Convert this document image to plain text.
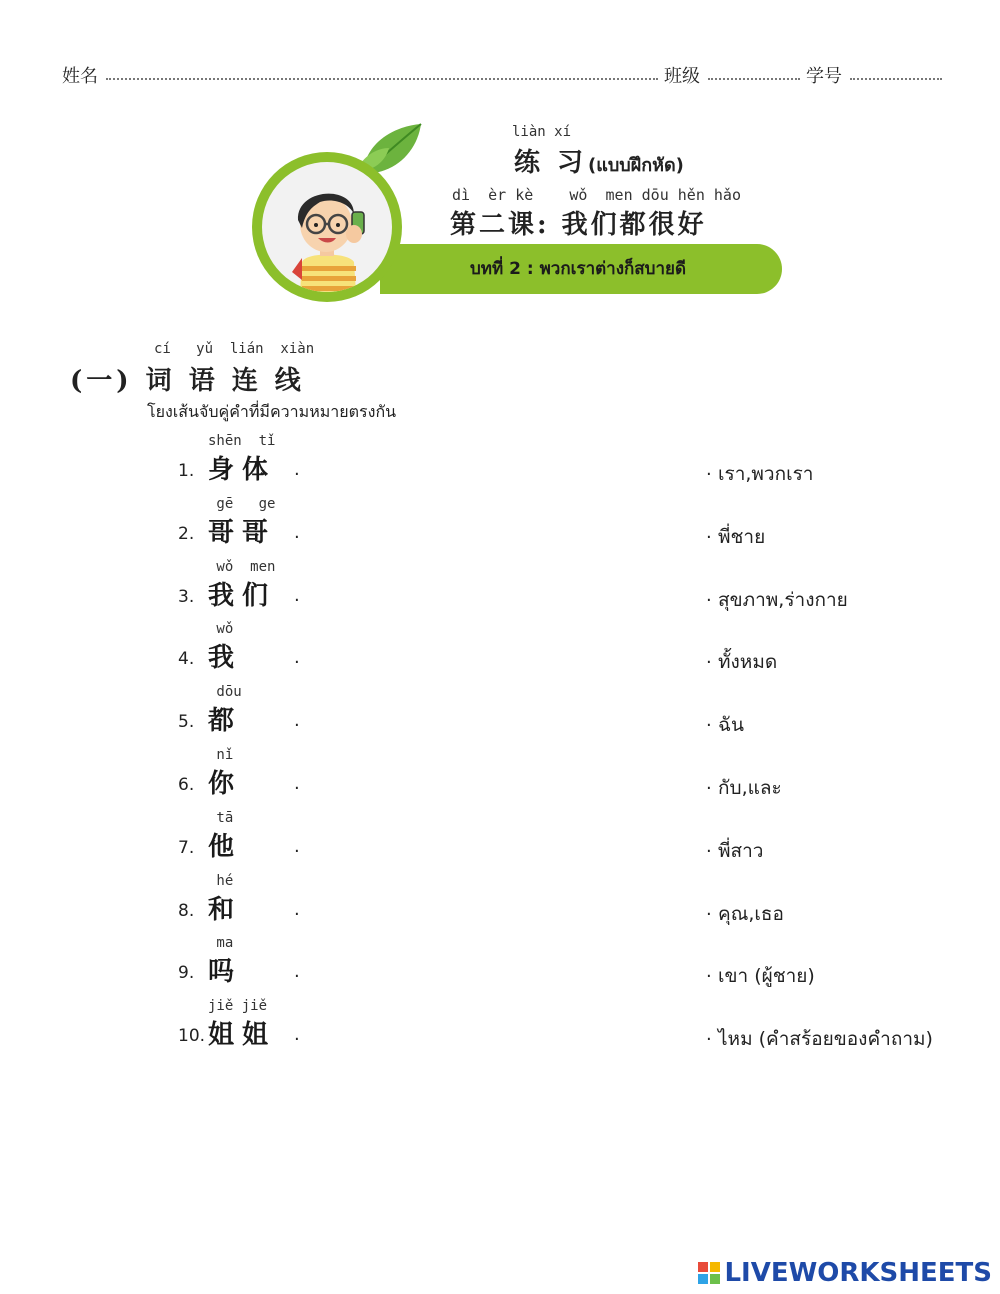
姓名	班级	学号
บทที่ 2 : พวกเราต่างก็สบายดี
liàn xí
练 习 (แบบฝึกหัด)
dì  èr kè    wǒ  men dōu hěn hǎo
第二课: 我们都很好
cí   yǔ  lián  xiàn
(一) 词 语 连 线
โยงเส้นจับคู่คำที่มีความหมายตรงกัน
shēn  tǐ
1. 身体 .	. เรา,พวกเรา
gē   ge
2. 哥哥 .	. พี่ชาย
wǒ  men
3. 我们 .	. สุขภาพ,ร่างกาย
wǒ
4. 我	.	. ทั้งหมด
dōu
5. 都	.	. ฉัน
nǐ
6. 你	.	. กับ,และ
tā
7. 他	.	. พี่สาว
hé
8. 和	.	. คุณ,เธอ
ma
9. 吗	.	. เขา (ผู้ชาย)
jiě jiě
10. 姐姐 .	. ไหม (คำสร้อยของคำถาม)
LIVEWORKSHEETS
